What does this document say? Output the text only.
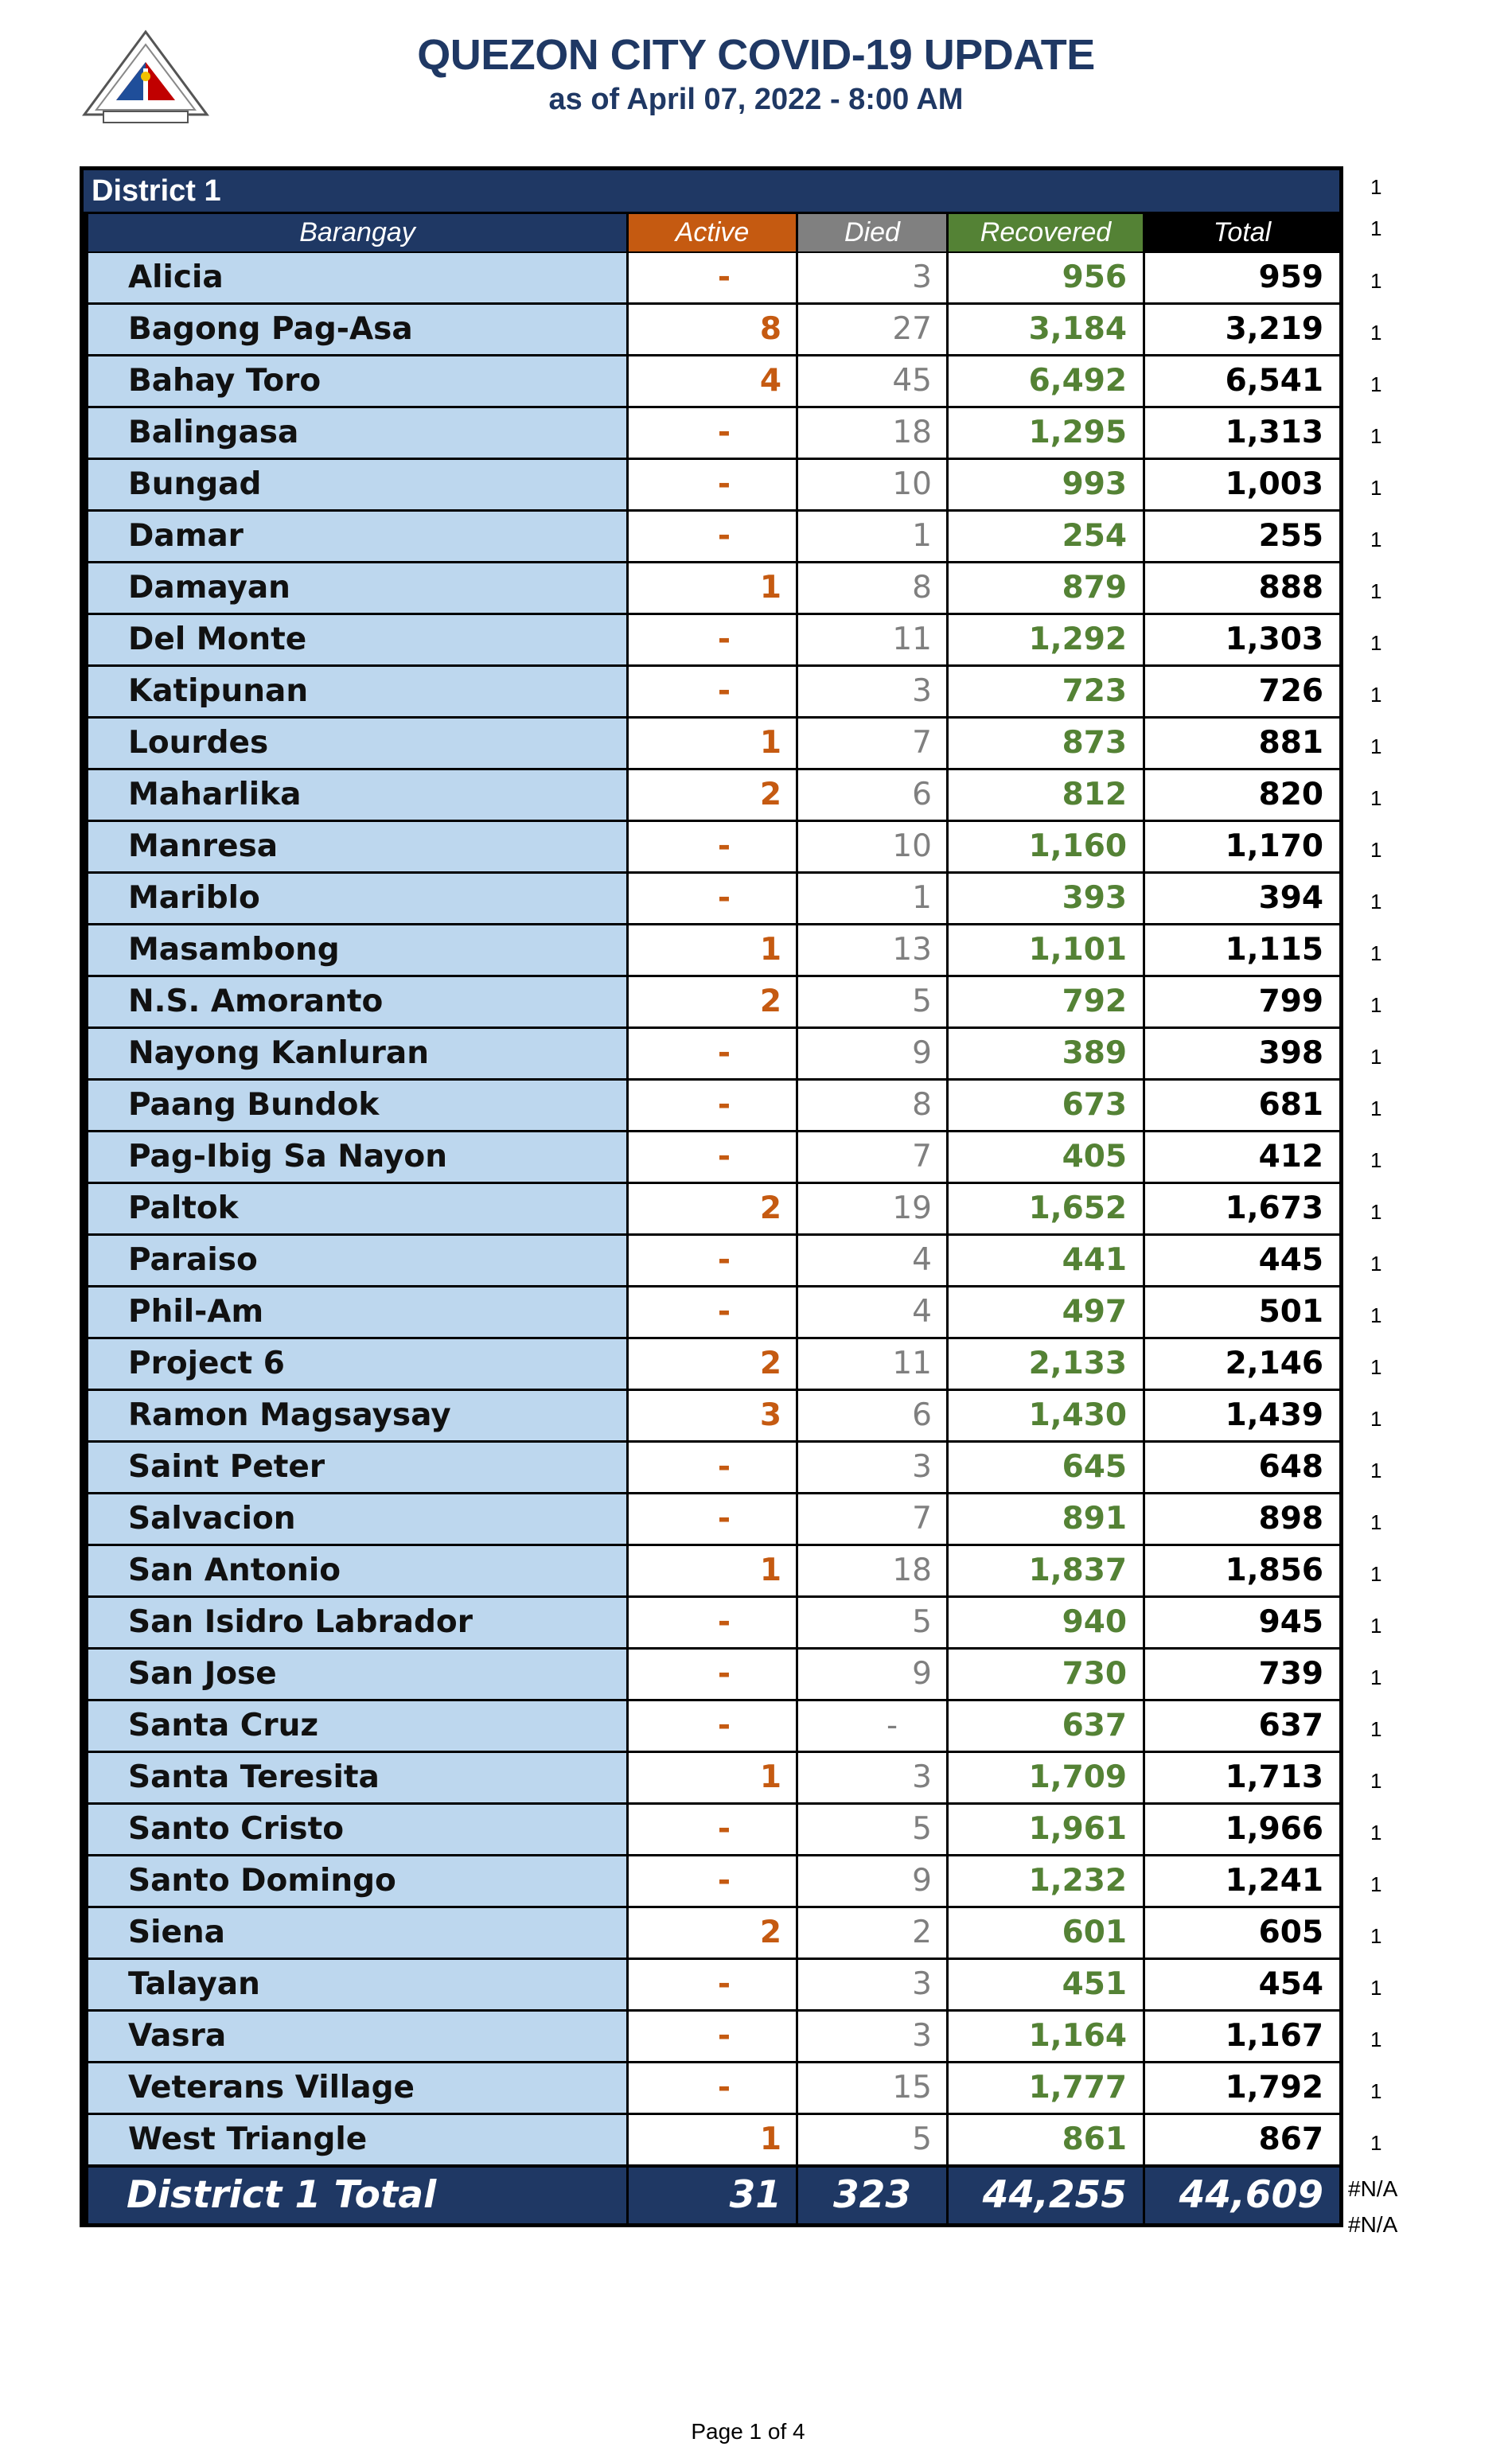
QUEZON CITY COVID-19 UPDATE
as of April 07, 2022 - 8:00 AM
District 1
Barangay	Active	Died	Recovered	Total
Alicia	-	3	956	959
Bagong Pag-Asa	8	27	3,184	3,219
Bahay Toro	4	45	6,492	6,541
Balingasa	-	18	1,295	1,313
Bungad	-	10	993	1,003
Damar	-	1	254	255
Damayan	1	8	879	888
Del Monte	-	11	1,292	1,303
Katipunan	-	3	723	726
Lourdes	1	7	873	881
Maharlika	2	6	812	820
Manresa	-	10	1,160	1,170
Mariblo	-	1	393	394
Masambong	1	13	1,101	1,115
N.S. Amoranto	2	5	792	799
Nayong Kanluran	-	9	389	398
Paang Bundok	-	8	673	681
Pag-Ibig Sa Nayon	-	7	405	412
Paltok	2	19	1,652	1,673
Paraiso	-	4	441	445
Phil-Am	-	4	497	501
Project 6	2	11	2,133	2,146
Ramon Magsaysay	3	6	1,430	1,439
Saint Peter	-	3	645	648
Salvacion	-	7	891	898
San Antonio	1	18	1,837	1,856
San Isidro Labrador	-	5	940	945
San Jose	-	9	730	739
Santa Cruz	-	-	637	637
Santa Teresita	1	3	1,709	1,713
Santo Cristo	-	5	1,961	1,966
Santo Domingo	-	9	1,232	1,241
Siena	2	2	601	605
Talayan	-	3	451	454
Vasra	-	3	1,164	1,167
Veterans Village	-	15	1,777	1,792
West Triangle	1	5	861	867
District 1 Total	31	323	44,255	44,609
1
1
1
1
1
1
1
1
1
1
1
1
1
1
1
1
1
1
1
1
1
1
1
1
1
1
1
1
1
1
1
1
1
1
1
1
1
1
1
#N/A
#N/A
Page 1 of 4
